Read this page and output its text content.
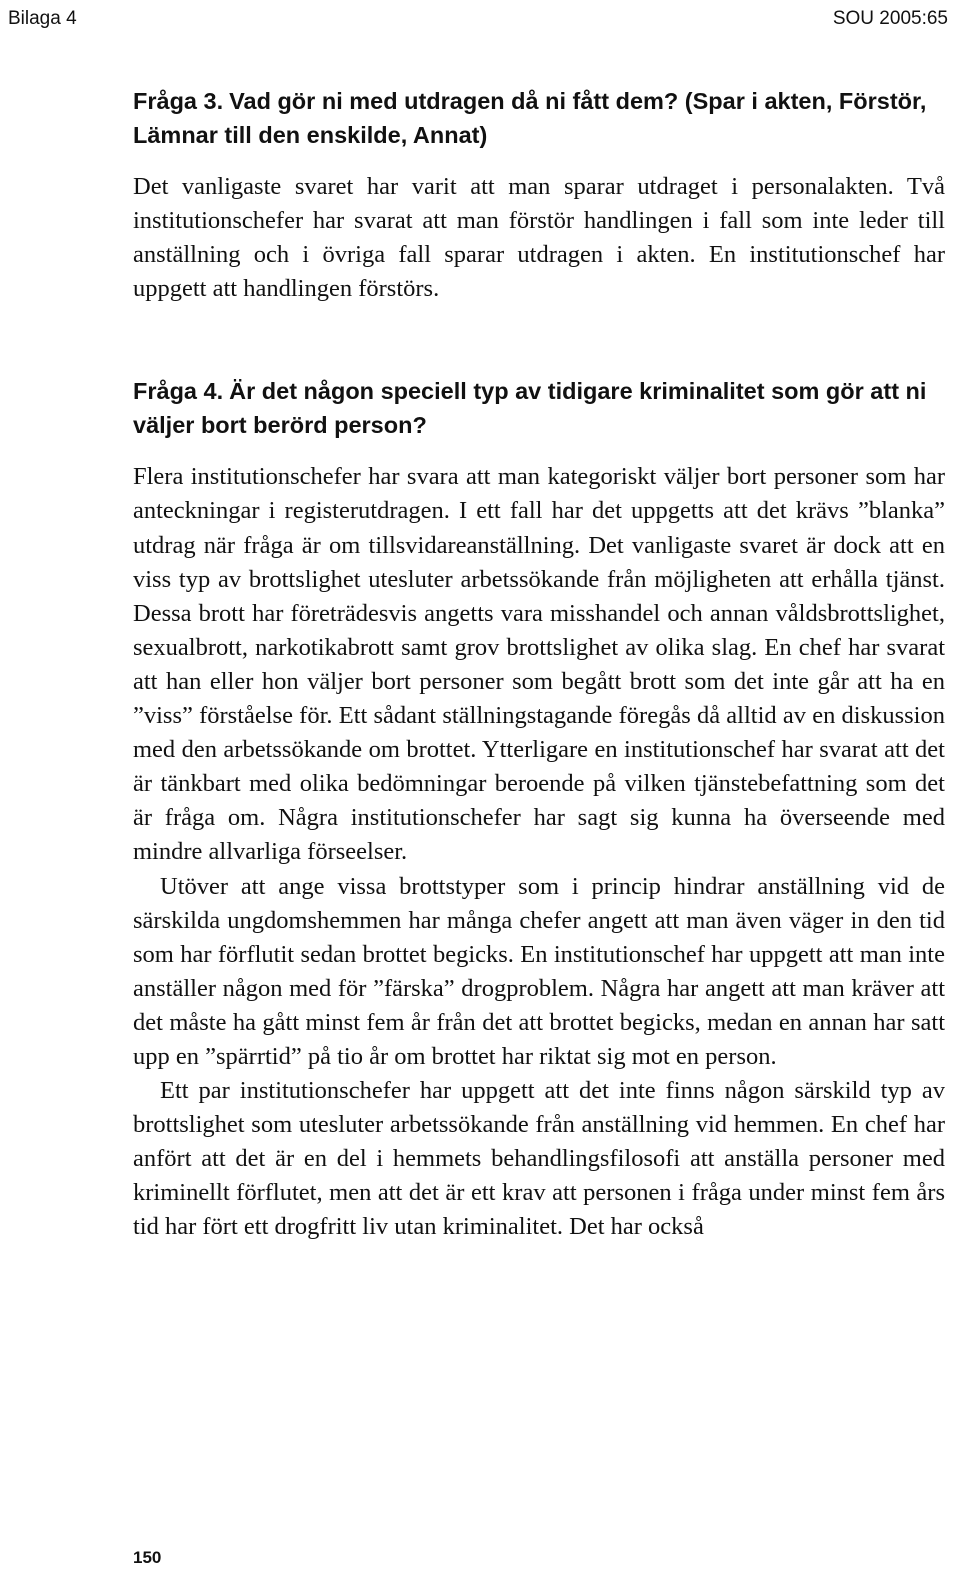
Bilaga 4	SOU 2005:65
Fråga 3. Vad gör ni med utdragen då ni fått dem? (Spar i akten, Förstör, Lämnar till den enskilde, Annat)

Det vanligaste svaret har varit att man sparar utdraget i personalakten. Två institutionschefer har svarat att man förstör handlingen i fall som inte leder till anställning och i övriga fall sparar utdragen i akten. En institutionschef har uppgett att handlingen förstörs.

Fråga 4. Är det någon speciell typ av tidigare kriminalitet som gör att ni väljer bort berörd person?

Flera institutionschefer har svara att man kategoriskt väljer bort personer som har anteckningar i registerutdragen. I ett fall har det uppgetts att det krävs ”blanka” utdrag när fråga är om tillsvidareanställning. Det vanligaste svaret är dock att en viss typ av brottslighet utesluter arbetssökande från möjligheten att erhålla tjänst. Dessa brott har företrädesvis angetts vara misshandel och annan våldsbrottslighet, sexualbrott, narkotikabrott samt grov brottslighet av olika slag. En chef har svarat att han eller hon väljer bort personer som begått brott som det inte går att ha en ”viss” förståelse för. Ett sådant ställningstagande föregås då alltid av en diskussion med den arbetssökande om brottet. Ytterligare en institutionschef har svarat att det är tänkbart med olika bedömningar beroende på vilken tjänstebefattning som det är fråga om. Några institutionschefer har sagt sig kunna ha överseende med mindre allvarliga förseelser.

Utöver att ange vissa brottstyper som i princip hindrar anställning vid de särskilda ungdomshemmen har många chefer angett att man även väger in den tid som har förflutit sedan brottet begicks. En institutionschef har uppgett att man inte anställer någon med för ”färska” drogproblem. Några har angett att man kräver att det måste ha gått minst fem år från det att brottet begicks, medan en annan har satt upp en ”spärrtid” på tio år om brottet har riktat sig mot en person.

Ett par institutionschefer har uppgett att det inte finns någon särskild typ av brottslighet som utesluter arbetssökande från anställning vid hemmen. En chef har anfört att det är en del i hemmets behandlingsfilosofi att anställa personer med kriminellt förflutet, men att det är ett krav att personen i fråga under minst fem års tid har fört ett drogfritt liv utan kriminalitet. Det har också

150
